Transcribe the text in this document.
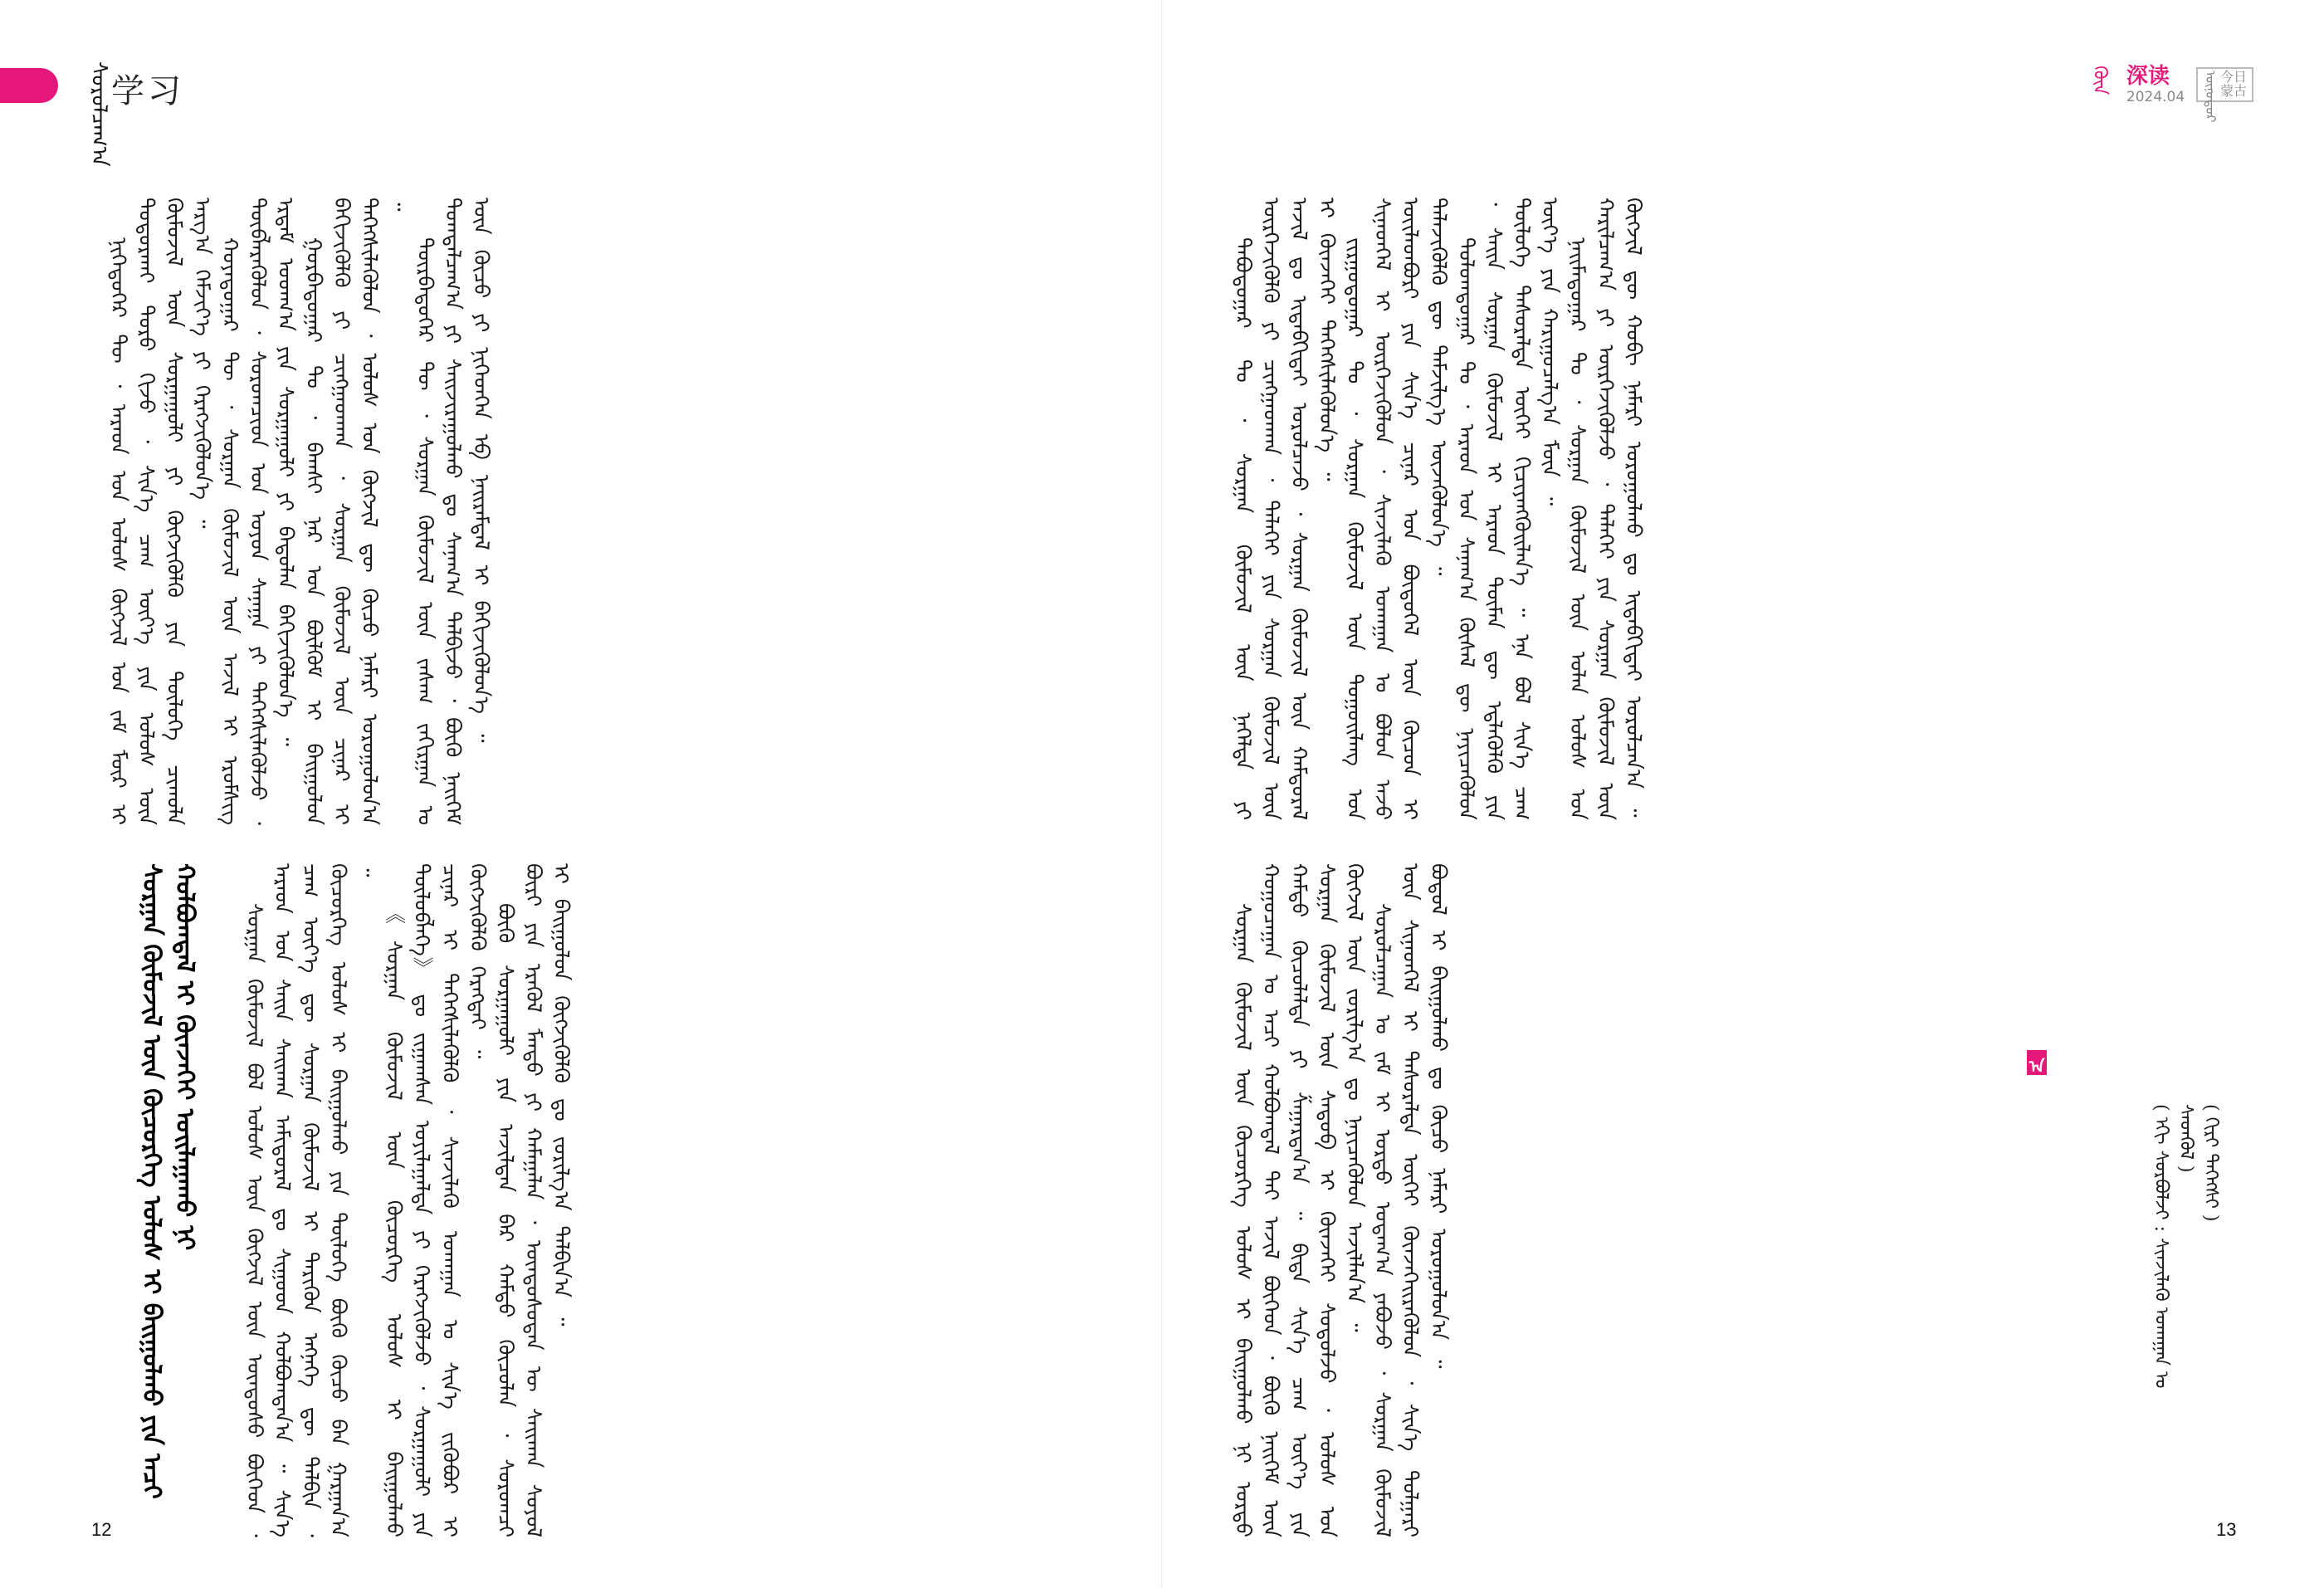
ᠰᠤᠷᠤᠯᠴᠠᠭ᠎ᠠ 学习

ᠨᠢᠭᠡᠳᠦᠭᠡᠷ ᠲᠦ ᠂ ᠠᠷᠠᠳ ᠤᠨ ᠤᠯᠤᠰ ᠬᠥᠭᠵᠢᠯ ᠤᠨ ᠵᠠᠮ ᠮᠥᠷ ᠢ ᠲᠤᠳᠤᠷᠬᠠᠢ ᠳᠣᠷᠣ ᠬᠢᠵᠦ ᠂ ᠰᠢᠨ᠎ᠡ ᠴᠠᠭ ᠦᠶ᠎ᠡ ᠶᠢᠨ ᠤᠯᠤᠰ ᠦᠨ ᠬᠦᠮᠦᠵᠢᠯ ᠦᠨ ᠰᠤᠷᠭᠠᠭᠤᠯᠢ ᠶᠢ ᠬᠥᠭᠵᠢᠭᠦᠯᠬᠦ ᠶᠢᠨ ᠲᠥᠯᠥᠭᠡ ᠴᠢᠬᠤᠯᠠ ᠠᠷᠭ᠎ᠠ ᠬᠡᠮᠵᠢᠶ᠎ᠡ ᠶᠢ ᠬᠡᠷᠡᠭᠵᠢᠭᠦᠯᠦᠨ᠎ᠡ ᠃ ᠬᠣᠶᠠᠳᠤᠭᠠᠷ ᠲᠦ ᠂ ᠰᠤᠷᠭᠠᠨ ᠬᠦᠮᠦᠵᠢᠯ ᠦᠨ ᠠᠵᠢᠯ ᠢ ᠡᠷᠦᠮᠰᠢᠭ ᠲᠥᠪᠯᠡᠷᠡᠭᠦᠯᠦᠨ ᠂ ᠰᠤᠷᠤᠭᠴᠢᠳ ᠤᠨ ᠤᠶᠤᠨ ᠰᠠᠨᠠᠭᠠ ᠶᠢ ᠳᠡᠭᠡᠭᠰᠢᠯᠡᠭᠦᠯᠵᠦ ᠂ ᠡᠷᠳᠡᠮ ᠤᠳᠬ᠎ᠠ ᠶᠢᠨ ᠰᠤᠷᠭᠠᠭᠤᠯᠢ ᠶᠢ ᠪᠠᠲᠤᠯᠠᠨ ᠪᠡᠬᠢᠵᠢᠭᠦᠯᠦᠨ᠎ᠡ ᠃ ᠭᠤᠷᠪᠠᠳᠤᠭᠠᠷ ᠲᠤ ᠂ ᠪᠠᠭᠰᠢ ᠨᠠᠷ ᠤᠨ ᠪᠦᠯᠬᠦᠮ ᠢ ᠪᠠᠢᠭᠤᠯᠤᠨ ᠪᠡᠬᠢᠵᠢᠭᠦᠯᠬᠦ ᠶᠢ ᠴᠢᠩᠭᠠᠳᠬᠠᠨ ᠂ ᠰᠤᠷᠭᠠᠨ ᠬᠦᠮᠦᠵᠢᠯ ᠦᠨ ᠴᠢᠨᠠᠷ ᠢ ᠳᠡᠭᠡᠭᠰᠢᠯᠡᠭᠦᠯᠦᠨ ᠂ ᠤᠯᠤᠰ ᠤᠨ ᠬᠥᠭᠵᠢᠯ ᠳᠦ ᠬᠦᠴᠦ ᠨᠡᠮᠡᠷᠢ ᠣᠷᠣᠭᠤᠯᠤᠨ᠎ᠠ ᠃

ᠳᠥᠷᠪᠡᠳᠦᠭᠡᠷ ᠲᠦ ᠂ ᠰᠤᠷᠭᠠᠨ ᠬᠦᠮᠦᠵᠢᠯ ᠦᠨ ᠵᠠᠰᠠᠭ ᠵᠠᠬᠢᠷᠭᠠᠨ ᠤ ᠲᠣᠭᠲᠠᠯᠴᠠᠭ᠎ᠠ ᠶᠢ ᠰᠠᠢᠵᠢᠷᠠᠭᠤᠯᠬᠤ ᠳᠤ ᠰᠠᠨᠠᠭ᠎ᠠ ᠲᠠᠯᠪᠢᠵᠤ ᠂ ᠪᠦᠬᠦ ᠨᠡᠢᠭᠡᠮ ᠦᠨ ᠬᠦᠴᠦ ᠶᠢ ᠨᠢᠭᠡᠳᠬᠡᠨ ᠡᠪ ᠨᠠᠢᠷᠠᠮᠳᠠᠯ ᠢ ᠪᠡᠬᠢᠵᠢᠭᠦᠯᠦᠨ᠎ᠡ ᠃

ᠰᠤᠷᠭᠠᠨ ᠬᠦᠮᠦᠵᠢᠯ ᠦᠨ ᠬᠦᠴᠦᠷᠬᠡᠭ ᠤᠯᠤᠰ ᠢ ᠪᠠᠢᠭᠤᠯᠬᠤ ᠶᠢᠨ ᠠᠴᠢ ᠬᠣᠯᠪᠣᠭᠳᠠᠯ ᠢ ᠭᠦᠨᠵᠡᠭᠡᠢ ᠣᠢᠯᠠᠭᠠᠬᠤ ᠨᠢ	ᠰᠤᠷᠭᠠᠨ ᠬᠦᠮᠦᠵᠢᠯ ᠪᠣᠯ ᠤᠯᠤᠰ ᠦᠨ ᠬᠥᠭᠵᠢᠯ ᠦᠨ ᠦᠨᠳᠦᠰᠦ ᠪᠥᠭᠡᠳ ᠂ ᠠᠷᠠᠳ ᠤᠨ ᠰᠠᠢᠨ ᠰᠠᠢᠬᠠᠨ ᠠᠮᠢᠳᠤᠷᠠᠯ ᠳᠤ ᠰᠢᠭᠤᠳ ᠬᠣᠯᠪᠣᠭᠳᠠᠨ᠎ᠠ ᠃ ᠰᠢᠨ᠎ᠡ ᠴᠠᠭ ᠦᠶ᠎ᠡ ᠳᠦ ᠰᠤᠷᠭᠠᠨ ᠬᠦᠮᠦᠵᠢᠯ ᠢ ᠲᠡᠷᠢᠭᠦᠨ ᠡᠩᠨᠡᠭᠡ ᠳᠦ ᠲᠠᠯᠪᠢᠨ ᠂ ᠬᠦᠴᠦᠷᠬᠡᠭ ᠤᠯᠤᠰ ᠢ ᠪᠠᠢᠭᠤᠯᠬᠤ ᠶᠢᠨ ᠲᠥᠯᠥᠭᠡ ᠪᠦᠬᠦ ᠬᠦᠴᠦ ᠪᠡᠨ ᠭᠠᠷᠭᠠᠨ᠎ᠠ ᠃

《ᠰᠤᠷᠭᠠᠨ ᠬᠦᠮᠦᠵᠢᠯ ᠦᠨ ᠬᠦᠴᠦᠷᠬᠡᠭ ᠤᠯᠤᠰ ᠢ ᠪᠠᠢᠭᠤᠯᠬᠤ ᠲᠥᠯᠥᠪᠯᠡᠭᠡ》 ᠳᠤ ᠵᠢᠭᠠᠭᠰᠠᠨ ᠣᠶᠢᠯᠠᠭᠠᠯᠲᠠ ᠶᠢ ᠬᠡᠷᠡᠭᠵᠢᠭᠦᠯᠵᠦ ᠂ ᠰᠤᠷᠭᠠᠭᠤᠯᠢ ᠶᠢᠨ ᠴᠢᠨᠠᠷ ᠢ ᠳᠡᠭᠡᠭᠰᠢᠯᠡᠭᠦᠯᠬᠦ ᠂ ᠰᠢᠨᠵᠢᠯᠡᠬᠦ ᠤᠬᠠᠭᠠᠨ ᠤ ᠰᠢᠨ᠎ᠡ ᠵᠢᠭᠦᠪᠦᠷ ᠢ ᠬᠥᠭᠵᠢᠭᠦᠯᠬᠦ ᠬᠡᠷᠡᠭᠲᠡᠢ ᠃ ᠪᠦᠬᠦ ᠰᠤᠷᠭᠠᠭᠤᠯᠢ ᠶᠢᠨ ᠠᠵᠢᠯᠲᠠᠨ ᠪᠡᠷ ᠬᠠᠮᠲᠤ ᠬᠦᠴᠦᠯᠡᠨ ᠂ ᠰᠤᠷᠤᠭᠴᠢ ᠪᠦᠷᠢ ᠶᠢᠨ ᠡᠷᠡᠭᠦᠯ ᠮᠡᠨᠳᠦ ᠶᠢ ᠬᠠᠮᠠᠭᠠᠯᠠᠨ ᠂ ᠦᠨᠳᠦᠰᠦᠲᠡᠨ ᠦ ᠰᠠᠢᠬᠠᠨ ᠰᠣᠶᠣᠯ ᠢ ᠪᠠᠢᠭᠤᠯᠤᠨ ᠬᠥᠭᠵᠢᠭᠦᠯᠬᠦ ᠳᠤ ᠵᠣᠷᠢᠯᠭ᠎ᠠ ᠲᠠᠯᠪᠢᠨ᠎ᠠ ᠃

12
ᠭᠦᠨ 深读
2024.04 ᠥᠨᠦᠳᠦᠷ 今日
蒙古

ᠲᠠᠪᠤᠳᠤᠭᠠᠷ ᠲᠤ ᠂ ᠰᠤᠷᠭᠠᠨ ᠬᠦᠮᠦᠵᠢᠯ ᠦᠨ ᠨᠡᠭᠡᠯᠲᠡ ᠶᠢ ᠥᠷᠭᠡᠵᠢᠭᠦᠯᠬᠦ ᠶᠢ ᠴᠢᠩᠭᠠᠳᠬᠠᠨ ᠂ ᠳᠡᠯᠡᠬᠡᠢ ᠶᠢᠨ ᠰᠤᠷᠭᠠᠨ ᠬᠦᠮᠦᠵᠢᠯ ᠦᠨ ᠠᠵᠢᠯ ᠳᠤ ᠢᠳᠡᠪᠬᠢᠲᠡᠢ ᠣᠷᠣᠯᠴᠠᠵᠤ ᠂ ᠰᠤᠷᠭᠠᠨ ᠬᠦᠮᠦᠵᠢᠯ ᠦᠨ ᠬᠠᠮᠲᠤᠷᠠᠯ ᠢ ᠭᠦᠨᠵᠡᠭᠡᠢ ᠳᠡᠭᠡᠭᠰᠢᠯᠡᠭᠦᠯᠦᠨ᠎ᠡ ᠃ ᠵᠢᠷᠭᠤᠳᠤᠭᠠᠷ ᠲᠤ ᠂ ᠰᠤᠷᠭᠠᠨ ᠬᠦᠮᠦᠵᠢᠯ ᠦᠨ ᠳᠤᠭᠤᠢᠯᠠᠩ ᠤᠨ ᠰᠢᠨᠡᠳᠬᠡᠯ ᠢ ᠥᠷᠭᠡᠵᠢᠭᠦᠯᠦᠨ ᠂ ᠰᠢᠨᠵᠢᠯᠡᠬᠦ ᠤᠬᠠᠭᠠᠨ ᠤ ᠪᠣᠯᠤᠨ ᠠᠵᠤ ᠦᠢᠯᠡᠳᠪᠦᠷᠢ ᠶᠢᠨ ᠰᠢᠨ᠎ᠡ ᠴᠢᠨᠠᠷ ᠤᠨ ᠪᠦᠲᠦᠭᠡᠯ ᠦᠨ ᠬᠦᠴᠦᠨ ᠢ ᠲᠡᠯᠡᠵᠢᠭᠦᠯᠬᠦ ᠳᠦ ᠳᠡᠮᠵᠢᠯᠭ᠎ᠡ ᠦᠵᠡᠭᠦᠯᠦᠨ᠎ᠡ ᠃ ᠳᠣᠯᠣᠭᠳᠤᠭᠠᠷ ᠲᠤ ᠂ ᠠᠷᠠᠳ ᠤᠨ ᠰᠠᠨᠠᠭ᠎ᠠ ᠬᠦᠰᠡᠯ ᠳᠦ ᠨᠡᠶᠢᠴᠡᠭᠦᠯᠦᠨ ᠂ ᠰᠠᠢᠨ ᠰᠤᠷᠭᠠᠨ ᠬᠦᠮᠦᠵᠢᠯ ᠢ ᠠᠷᠠᠳ ᠲᠦᠮᠡᠨ ᠳᠦ ᠡᠳ᠋ᠯᠡᠭᠦᠯᠬᠦ ᠶᠢᠨ ᠲᠥᠯᠥᠭᠡ ᠲᠠᠰᠤᠷᠠᠯᠲᠠ ᠦᠭᠡᠢ ᠬᠢᠴᠢᠶᠡᠩᠭᠦᠢᠯᠡᠨ᠎ᠡ ᠃ ᠡᠨᠡ ᠪᠣᠯ ᠰᠢᠨ᠎ᠡ ᠴᠠᠭ ᠦᠶ᠎ᠡ ᠶᠢᠨ ᠬᠠᠷᠢᠭᠤᠴᠠᠯᠭ᠎ᠠ ᠮᠥᠨ ᠃ ᠨᠠᠢᠮᠠᠳᠤᠭᠠᠷ ᠲᠤ ᠂ ᠰᠤᠷᠭᠠᠨ ᠬᠦᠮᠦᠵᠢᠯ ᠦᠨ ᠣᠯᠠᠨ ᠤᠯᠤᠰ ᠤᠨ ᠬᠠᠷᠢᠯᠴᠠᠭ᠎ᠠ ᠶᠢ ᠥᠷᠭᠡᠵᠢᠭᠦᠯᠵᠦ ᠂ ᠳᠡᠯᠡᠬᠡᠢ ᠶᠢᠨ ᠰᠤᠷᠭᠠᠨ ᠬᠦᠮᠦᠵᠢᠯ ᠦᠨ ᠬᠥᠭᠵᠢᠯ ᠳᠦ ᠬᠤᠪᠢ ᠨᠡᠮᠡᠷᠢ ᠣᠷᠣᠭᠤᠯᠬᠤ ᠳᠤ ᠢᠳᠡᠪᠬᠢᠲᠡᠢ ᠣᠷᠣᠯᠴᠠᠨ᠎ᠠ ᠃

ᠰᠤᠷᠭᠠᠨ ᠬᠦᠮᠦᠵᠢᠯ ᠦᠨ ᠬᠦᠴᠦᠷᠬᠡᠭ ᠤᠯᠤᠰ ᠢ ᠪᠠᠢᠭᠤᠯᠬᠤ ᠨᠢ ᠤᠷᠲᠤ ᠬᠤᠭᠤᠴᠠᠭᠠᠨ ᠤ ᠠᠴᠢ ᠬᠣᠯᠪᠣᠭᠳᠠᠯ ᠲᠠᠢ ᠠᠵᠢᠯ ᠪᠥᠭᠡᠳ ᠂ ᠪᠦᠬᠦ ᠨᠡᠢᠭᠡᠮ ᠦᠨ ᠬᠠᠮᠲᠤ ᠬᠦᠴᠦᠯᠡᠯᠲᠡ ᠶᠢ ᠱᠠᠭᠠᠷᠳᠠᠨ᠎ᠠ ᠃ ᠪᠢᠳᠡ ᠰᠢᠨ᠎ᠡ ᠴᠠᠭ ᠦᠶ᠎ᠡ ᠶᠢᠨ ᠰᠤᠷᠭᠠᠨ ᠬᠦᠮᠦᠵᠢᠯ ᠦᠨ ᠰᠡᠳᠦᠪ ᠢ ᠭᠦᠨᠵᠡᠭᠡᠢ ᠰᠤᠳᠤᠯᠵᠤ ᠂ ᠤᠯᠤᠰ ᠤᠨ ᠬᠥᠭᠵᠢᠯ ᠦᠨ ᠵᠣᠷᠢᠯᠭ᠎ᠠ ᠳᠤ ᠨᠡᠶᠢᠴᠡᠭᠦᠯᠦᠨ ᠠᠵᠢᠯᠯᠠᠨ᠎ᠠ ᠃ ᠰᠤᠷᠤᠯᠴᠠᠭᠠᠨ ᠤ ᠵᠠᠮ ᠢ ᠤᠷᠲᠤ ᠤᠳᠠᠭ᠎ᠠ ᠶᠠᠪᠤᠵᠤ ᠂ ᠰᠤᠷᠭᠠᠨ ᠬᠦᠮᠦᠵᠢᠯ ᠦᠨ ᠰᠢᠨᠡᠳᠬᠡᠯ ᠢ ᠲᠠᠰᠤᠷᠠᠯᠲᠠ ᠦᠭᠡᠢ ᠭᠦᠨᠵᠡᠭᠡᠢᠷᠡᠭᠦᠯᠦᠨ ᠂ ᠰᠢᠨ᠎ᠡ ᠲᠤᠯᠭᠠᠷᠢ ᠪᠣᠳᠤᠯ ᠢ ᠪᠠᠢᠭᠤᠯᠬᠤ ᠳᠤ ᠬᠦᠴᠦ ᠨᠡᠮᠡᠷᠢ ᠣᠷᠣᠭᠤᠯᠤᠨ᠎ᠠ ᠃	ᠠ
( ᠡᠬᠢ ᠰᠤᠷᠪᠤᠯᠵᠢ : ᠰᠢᠨᠵᠢᠯᠡᠬᠦ ᠤᠬᠠᠭᠠᠨ ᠤ ᠰᠡᠳᠬᠦᠯ ) ( ᠬᠢᠷᠢ ᠳᠡᠭᠡᠭᠰᠢ )
13
